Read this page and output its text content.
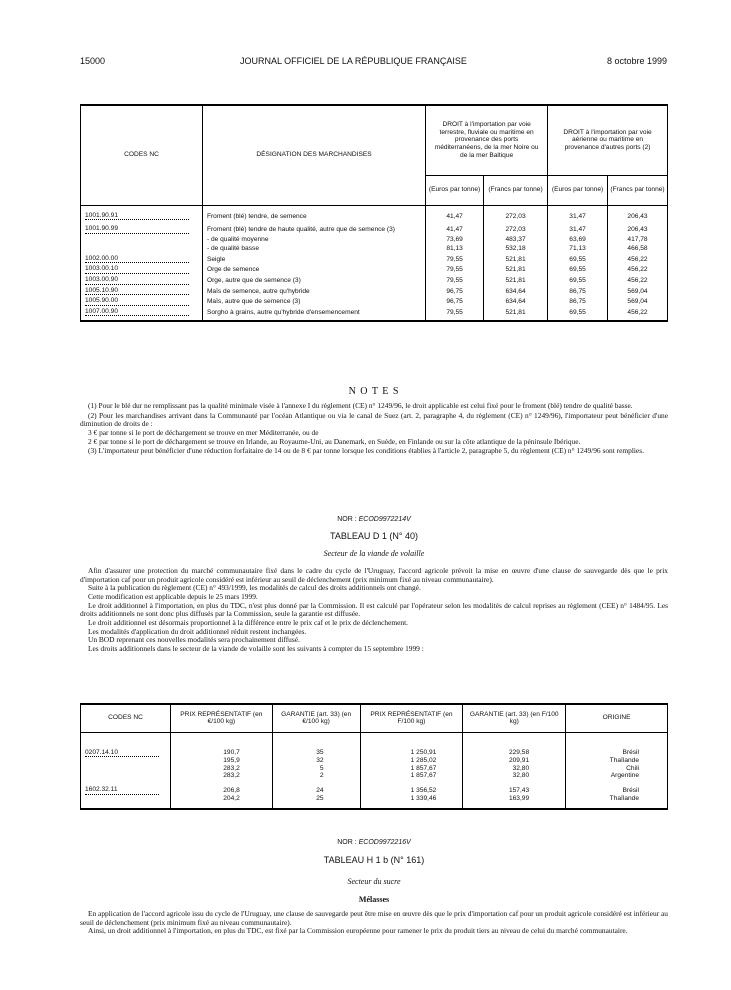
15000	JOURNAL OFFICIEL DE LA RÉPUBLIQUE FRANÇAISE	8 octobre 1999
CODES NC	DÉSIGNATION DES MARCHANDISES	DROIT à l'importation par voie terrestre, fluviale ou maritime en provenance des ports méditerranéens, de la mer Noire ou de la mer Baltique		DROIT à l'importation par voie aérienne ou maritime en provenance d'autres ports (2)	
		(Euros par tonne)	(Francs par tonne)	(Euros par tonne)	(Francs par tonne)
1001.90.91	Froment (blé) tendre, de semence	41,47	272,03	31,47	206,43
1001.90.99	Froment (blé) tendre de haute qualité, autre que de semence (3)	41,47	272,03	31,47	206,43
	- de qualité moyenne	73,69	483,37	63,69	417,78
	- de qualité basse	81,13	532,18	71,13	466,58
1002.00.00	Seigle	79,55	521,81	69,55	456,22
1003.00.10	Orge de semence	79,55	521,81	69,55	456,22
1003.00.90	Orge, autre que de semence (3)	79,55	521,81	69,55	456,22
1005.10.90	Maïs de semence, autre qu'hybride	96,75	634,64	86,75	569,04
1005.90.00	Maïs, autre que de semence (3)	96,75	634,64	86,75	569,04
1007.00.90	Sorgho à grains, autre qu'hybride d'ensemencement	79,55	521,81	69,55	456,22
N O T E S

(1) Pour le blé dur ne remplissant pas la qualité minimale visée à l'annexe I du règlement (CE) n° 1249/96, le droit applicable est celui fixé pour le froment (blé) tendre de qualité basse.

(2) Pour les marchandises arrivant dans la Communauté par l'océan Atlantique ou via le canal de Suez (art. 2, paragraphe 4, du règlement (CE) n° 1249/96), l'importateur peut bénéficier d'une diminution de droits de :

3 € par tonne si le port de déchargement se trouve en mer Méditerranée, ou de

2 € par tonne si le port de déchargement se trouve en Irlande, au Royaume-Uni, au Danemark, en Suède, en Finlande ou sur la côte atlantique de la péninsule Ibérique.

(3) L'importateur peut bénéficier d'une réduction forfaitaire de 14 ou de 8 € par tonne lorsque les conditions établies à l'article 2, paragraphe 5, du règlement (CE) n° 1249/96 sont remplies.

NOR : ECOD9972214V
TABLEAU D 1 (N° 40)
Secteur de la viande de volaille

Afin d'assurer une protection du marché communautaire fixé dans le cadre du cycle de l'Uruguay, l'accord agricole prévoit la mise en œuvre d'une clause de sauvegarde dès que le prix d'importation caf pour un produit agricole considéré est inférieur au seuil de déclenchement (prix minimum fixé au niveau communautaire).

Suite à la publication du règlement (CE) n° 493/1999, les modalités de calcul des droits additionnels ont changé.

Cette modification est applicable depuis le 25 mars 1999.

Le droit additionnel à l'importation, en plus du TDC, n'est plus donné par la Commission. Il est calculé par l'opérateur selon les modalités de calcul reprises au règlement (CEE) n° 1484/95. Les droits additionnels ne sont donc plus diffusés par la Commission, seule la garantie est diffusée.

Le droit additionnel est désormais proportionnel à la différence entre le prix caf et le prix de déclenchement.

Les modalités d'application du droit additionnel réduit restent inchangées.

Un BOD reprenant ces nouvelles modalités sera prochainement diffusé.

Les droits additionnels dans le secteur de la viande de volaille sont les suivants à compter du 15 septembre 1999 :

CODES NC	PRIX REPRÉSENTATIF (en €/100 kg)	GARANTIE (art. 33) (en €/100 kg)	PRIX REPRÉSENTATIF (en F/100 kg)	GARANTIE (art. 33) (en F/100 kg)	ORIGINE
0207.14.10	190,7	35	1 250,91	229,58	Brésil
	195,9	32	1 285,02	209,91	Thaïlande
	283,2	5	1 857,67	32,80	Chili
	283,2	2	1 857,67	32,80	Argentine
1602.32.11	206,8	24	1 356,52	157,43	Brésil
	204,2	25	1 339,46	163,99	Thaïlande
NOR : ECOD9972216V
TABLEAU H 1 b (N° 161)
Secteur du sucre
Mélasses

En application de l'accord agricole issu du cycle de l'Uruguay, une clause de sauvegarde peut être mise en œuvre dès que le prix d'importation caf pour un produit agricole considéré est inférieur au seuil de déclenchement (prix minimum fixé au niveau communautaire).

Ainsi, un droit additionnel à l'importation, en plus du TDC, est fixé par la Commission européenne pour ramener le prix du produit tiers au niveau de celui du marché communautaire.
